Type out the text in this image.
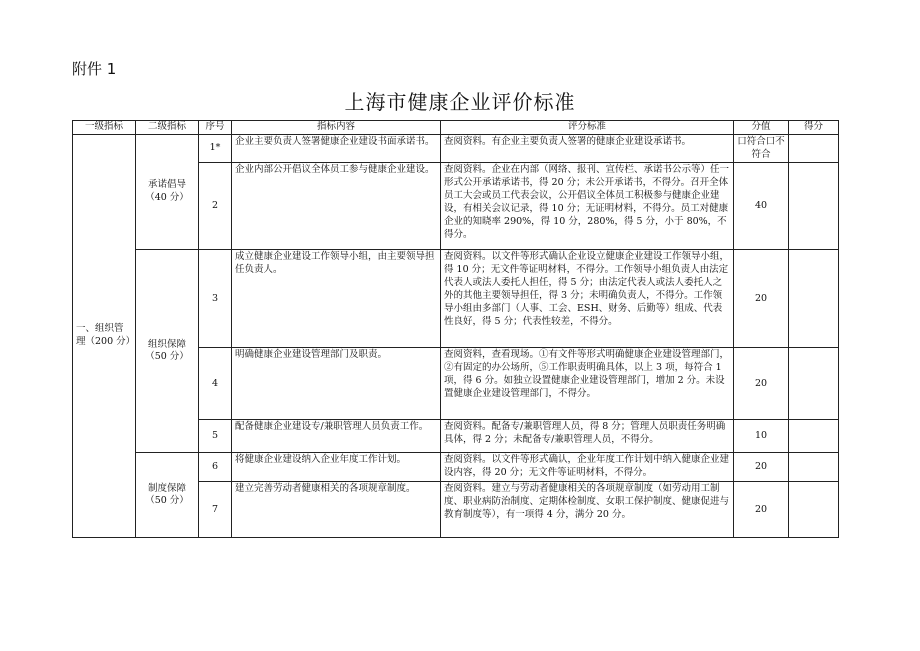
附件 1
上海市健康企业评价标准
一级指标	二级指标	序号	指标内容	评分标准	分值	得分
一、组织管理（200 分）	承诺倡导（40 分）	1*	企业主要负责人签署健康企业建设书面承诺书。	查阅资料。有企业主要负责人签署的健康企业建设承诺书。	口符合口不符合	
		2	企业内部公开倡议全体员工参与健康企业建设。	查阅资料。企业在内部（网络、报刊、宣传栏、承诺书公示等）任一形式公开承诺承诺书，得 20 分；未公开承诺书，不得分。召开全体员工大会或员工代表会议，公开倡议全体员工积极参与健康企业建设，有相关会议记录，得 10 分；无证明材料，不得分。员工对健康企业的知晓率 290%，得 10 分，280%，得 5 分，小于 80%，不得分。	40	
	组织保障（50 分）	3	成立健康企业建设工作领导小组，由主要领导担任负责人。	查阅资料。以文件等形式确认企业设立健康企业建设工作领导小组，得 10 分；无文件等证明材料，不得分。工作领导小组负责人由法定代表人或法人委托人担任，得 5 分；由法定代表人或法人委托人之外的其他主要领导担任，得 3 分；未明确负责人，不得分。工作领导小组由多部门（人事、工会、ESH、财务、后勤等）组成、代表性良好，得 5 分；代表性较差，不得分。	20	
		4	明确健康企业建设管理部门及职责。	查阅资料，查看现场。①有文件等形式明确健康企业建设管理部门，②有固定的办公场所，⑤工作职责明确具体，以上 3 项，每符合 1 项，得 6 分。如独立设置健康企业建设管理部门，增加 2 分。未设置健康企业建设管理部门，不得分。	20	
		5	配备健康企业建设专/兼职管理人员负责工作。	查阅资料。配备专/兼职管理人员，得 8 分；管理人员职责任务明确具体，得 2 分；未配备专/兼职管理人员，不得分。	10	
	制度保障（50 分）	6	将健康企业建设纳入企业年度工作计划。	查阅资料。以文件等形式确认，企业年度工作计划中纳入健康企业建设内容，得 20 分；无文件等证明材料，不得分。	20	
		7	建立完善劳动者健康相关的各项规章制度。	查阅资料。建立与劳动者健康相关的各项规章制度（如劳动用工制度、职业病防治制度、定期体检制度、女职工保护制度、健康促进与教育制度等），有一项得 4 分，满分 20 分。	20	
